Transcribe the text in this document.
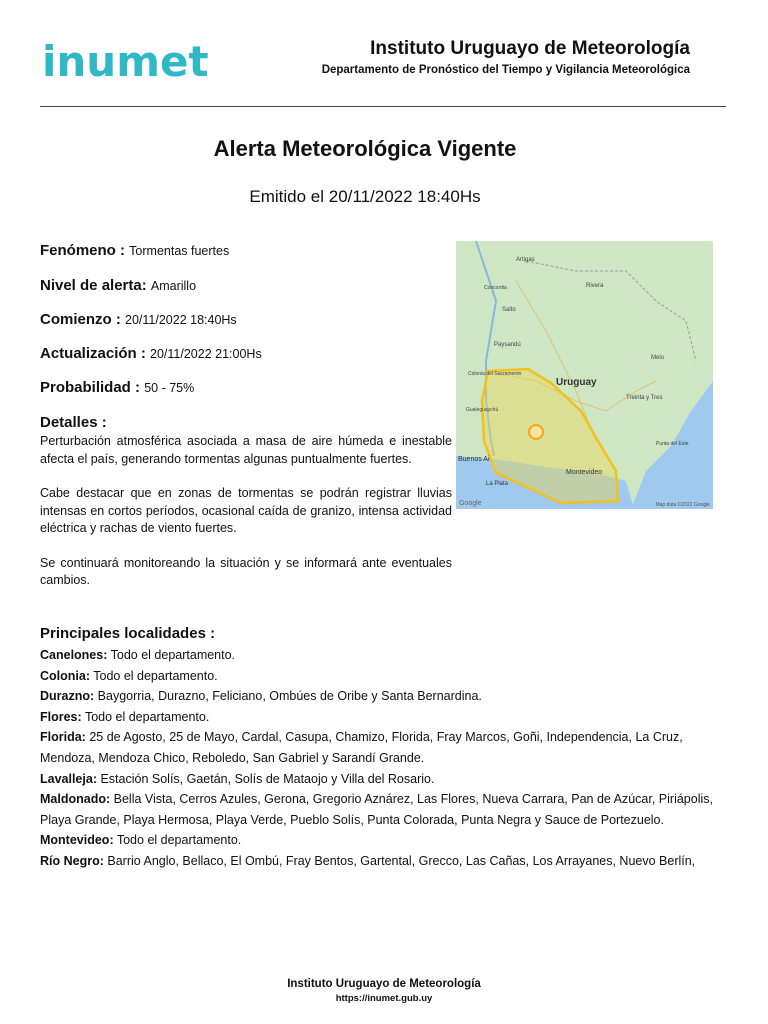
inumet	Instituto Uruguayo de Meteorología
Departamento de Pronóstico del Tiempo y Vigilancia Meteorológica
Alerta Meteorológica Vigente
Emitido el 20/11/2022 18:40Hs
Fenómeno : Tormentas fuertes
Nivel de alerta: Amarillo
Comienzo : 20/11/2022 18:40Hs
Actualización : 20/11/2022 21:00Hs
Probabilidad : 50 - 75%
Detalles :

Perturbación atmosférica asociada a masa de aire húmeda e inestable afecta el país, generando tormentas algunas puntualmente fuertes.

Cabe destacar que en zonas de tormentas se podrán registrar lluvias intensas en cortos períodos, ocasional caída de granizo, intensa actividad eléctrica y rachas de viento fuertes.

Se continuará monitoreando la situación y se informará ante eventuales cambios.

Uruguay
Montevideo
Buenos Ai
La Plata
Rivera
Artigas
Salto
Paysandú
Melo
Treinta y Tres
Colonia del Sacramento
Punta del Este
Concordia
Gualeguaychú
Google	Map data ©2022 Google
Principales localidades :
Canelones: Todo el departamento.
Colonia: Todo el departamento.
Durazno: Baygorria, Durazno, Feliciano, Ombúes de Oribe y Santa Bernardina.
Flores: Todo el departamento.
Florida: 25 de Agosto, 25 de Mayo, Cardal, Casupa, Chamizo, Florida, Fray Marcos, Goñi, Independencia, La Cruz, Mendoza, Mendoza Chico, Reboledo, San Gabriel y Sarandí Grande.
Lavalleja: Estación Solís, Gaetán, Solís de Mataojo y Villa del Rosario.
Maldonado: Bella Vista, Cerros Azules, Gerona, Gregorio Aznárez, Las Flores, Nueva Carrara, Pan de Azúcar, Piriápolis, Playa Grande, Playa Hermosa, Playa Verde, Pueblo Solís, Punta Colorada, Punta Negra y Sauce de Portezuelo.
Montevideo: Todo el departamento.
Río Negro: Barrio Anglo, Bellaco, El Ombú, Fray Bentos, Gartental, Grecco, Las Cañas, Los Arrayanes, Nuevo Berlín,
Instituto Uruguayo de Meteorología
https://inumet.gub.uy
